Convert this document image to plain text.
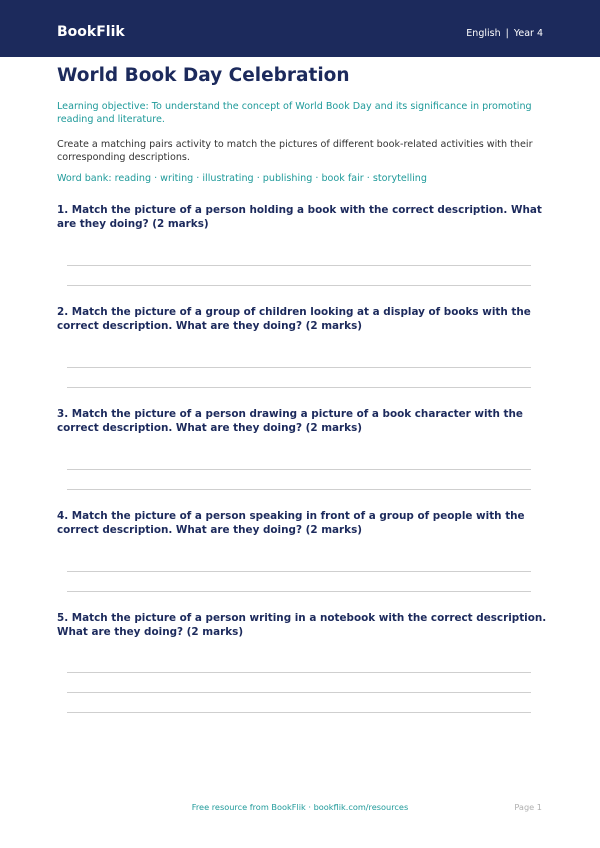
BookFlik	English | Year 4
World Book Day Celebration
Learning objective: To understand the concept of World Book Day and its significance in promoting reading and literature.
Create a matching pairs activity to match the pictures of different book-related activities with their corresponding descriptions.
Word bank: reading · writing · illustrating · publishing · book fair · storytelling
1. Match the picture of a person holding a book with the correct description. What are they doing? (2 marks)
2. Match the picture of a group of children looking at a display of books with the correct description. What are they doing? (2 marks)
3. Match the picture of a person drawing a picture of a book character with the correct description. What are they doing? (2 marks)
4. Match the picture of a person speaking in front of a group of people with the correct description. What are they doing? (2 marks)
5. Match the picture of a person writing in a notebook with the correct description. What are they doing? (2 marks)
Free resource from BookFlik · bookflik.com/resources	Page 1
